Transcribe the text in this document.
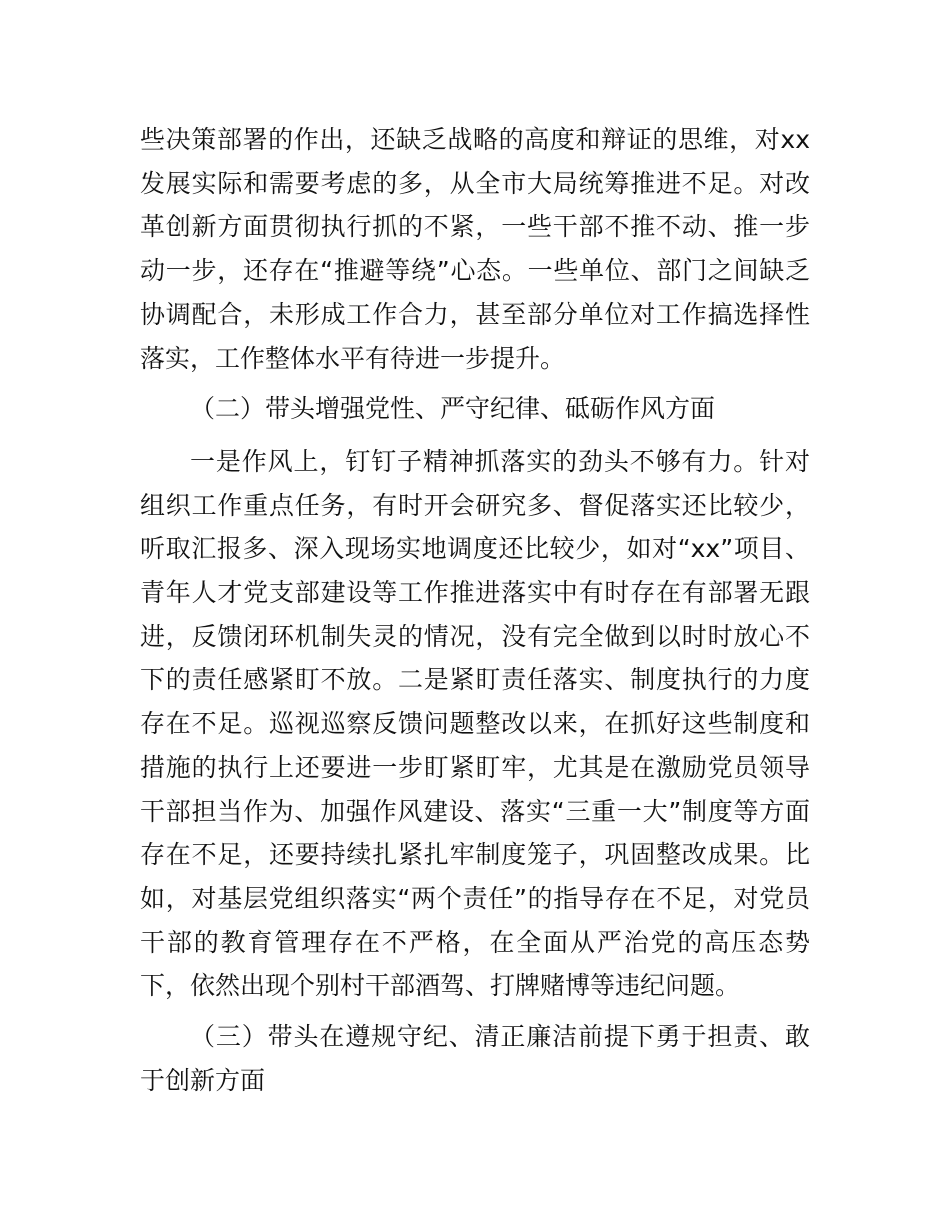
些决策部署的作出，还缺乏战略的高度和辩证的思维，对xx发展实际和需要考虑的多，从全市大局统筹推进不足。对改革创新方面贯彻执行抓的不紧，一些干部不推不动、推一步动一步，还存在“推避等绕”心态。一些单位、部门之间缺乏协调配合，未形成工作合力，甚至部分单位对工作搞选择性落实，工作整体水平有待进一步提升。

（二）带头增强党性、严守纪律、砥砺作风方面

一是作风上，钉钉子精神抓落实的劲头不够有力。针对组织工作重点任务，有时开会研究多、督促落实还比较少，听取汇报多、深入现场实地调度还比较少，如对“xx”项目、青年人才党支部建设等工作推进落实中有时存在有部署无跟进，反馈闭环机制失灵的情况，没有完全做到以时时放心不下的责任感紧盯不放。二是紧盯责任落实、制度执行的力度存在不足。巡视巡察反馈问题整改以来，在抓好这些制度和措施的执行上还要进一步盯紧盯牢，尤其是在激励党员领导干部担当作为、加强作风建设、落实“三重一大”制度等方面存在不足，还要持续扎紧扎牢制度笼子，巩固整改成果。比如，对基层党组织落实“两个责任”的指导存在不足，对党员干部的教育管理存在不严格，在全面从严治党的高压态势下，依然出现个别村干部酒驾、打牌赌博等违纪问题。

（三）带头在遵规守纪、清正廉洁前提下勇于担责、敢于创新方面
